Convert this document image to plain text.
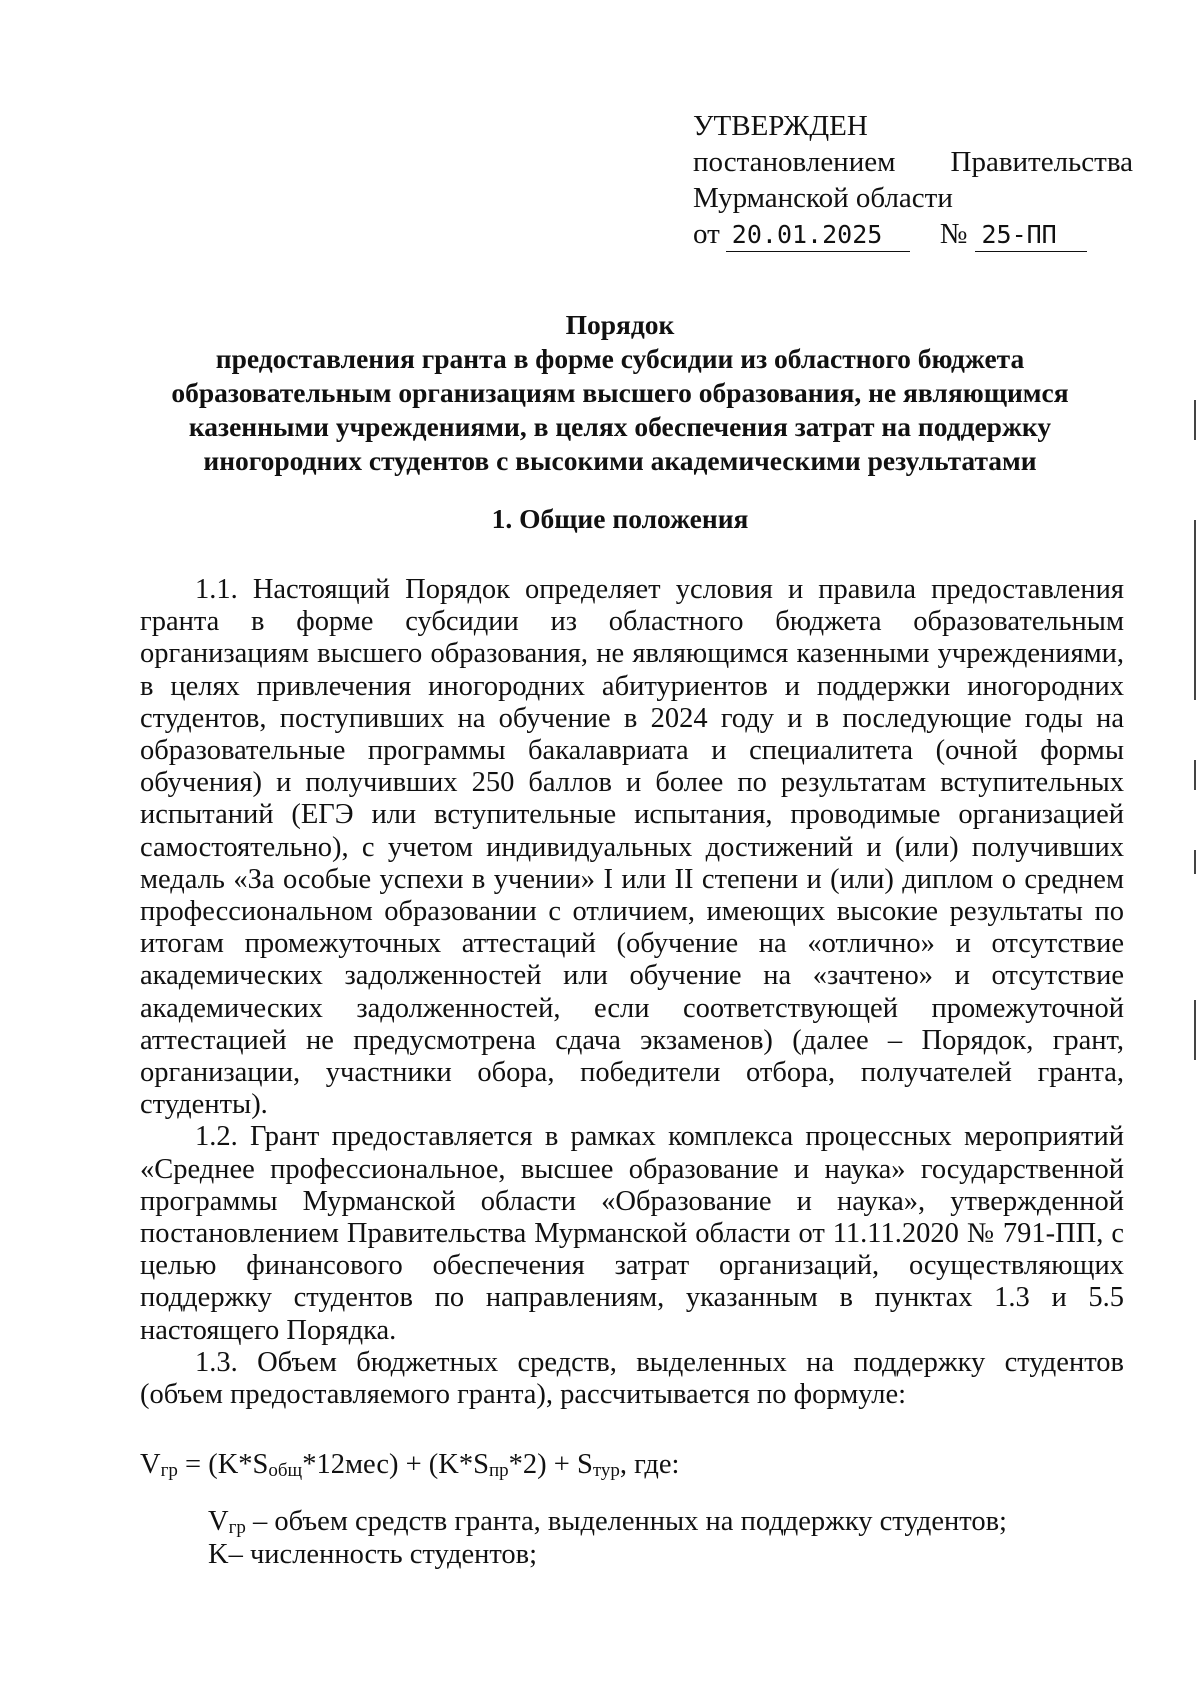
УТВЕРЖДЕН
постановлением Правительства
Мурманской области
от 20.01.2025	№ 25-ПП
Порядок
предоставления гранта в форме субсидии из областного бюджета
образовательным организациям высшего образования, не являющимся
казенными учреждениями, в целях обеспечения затрат на поддержку
иногородних студентов с высокими академическими результатами
1. Общие положения

1.1. Настоящий Порядок определяет условия и правила предоставления гранта в форме субсидии из областного бюджета образовательным организациям высшего образования, не являющимся казенными учреждениями, в целях привлечения иногородних абитуриентов и поддержки иногородних студентов, поступивших на обучение в 2024 году и в последующие годы на образовательные программы бакалавриата и специалитета (очной формы обучения) и получивших 250 баллов и более по результатам вступительных испытаний (ЕГЭ или вступительные испытания, проводимые организацией самостоятельно), с учетом индивидуальных достижений и (или) получивших медаль «За особые успехи в учении» I или II степени и (или) диплом о среднем профессиональном образовании с отличием, имеющих высокие результаты по итогам промежуточных аттестаций (обучение на «отлично» и отсутствие академических задолженностей или обучение на «зачтено» и отсутствие академических задолженностей, если соответствующей промежуточной аттестацией не предусмотрена сдача экзаменов) (далее – Порядок, грант, организации, участники обора, победители отбора, получателей гранта, студенты).

1.2. Грант предоставляется в рамках комплекса процессных мероприятий «Среднее профессиональное, высшее образование и наука» государственной программы Мурманской области «Образование и наука», утвержденной постановлением Правительства Мурманской области от 11.11.2020 № 791-ПП, с целью финансового обеспечения затрат организаций, осуществляющих поддержку студентов по направлениям, указанным в пунктах 1.3 и 5.5 настоящего Порядка.

1.3. Объем бюджетных средств, выделенных на поддержку студентов (объем предоставляемого гранта), рассчитывается по формуле:

$V_{гр} = (K*S_{общ}*12мес) + (K*S_{пр}*2) + S_{тур}$, где:
$V_{гр}$ – объем средств гранта, выделенных на поддержку студентов;
K– численность студентов;
